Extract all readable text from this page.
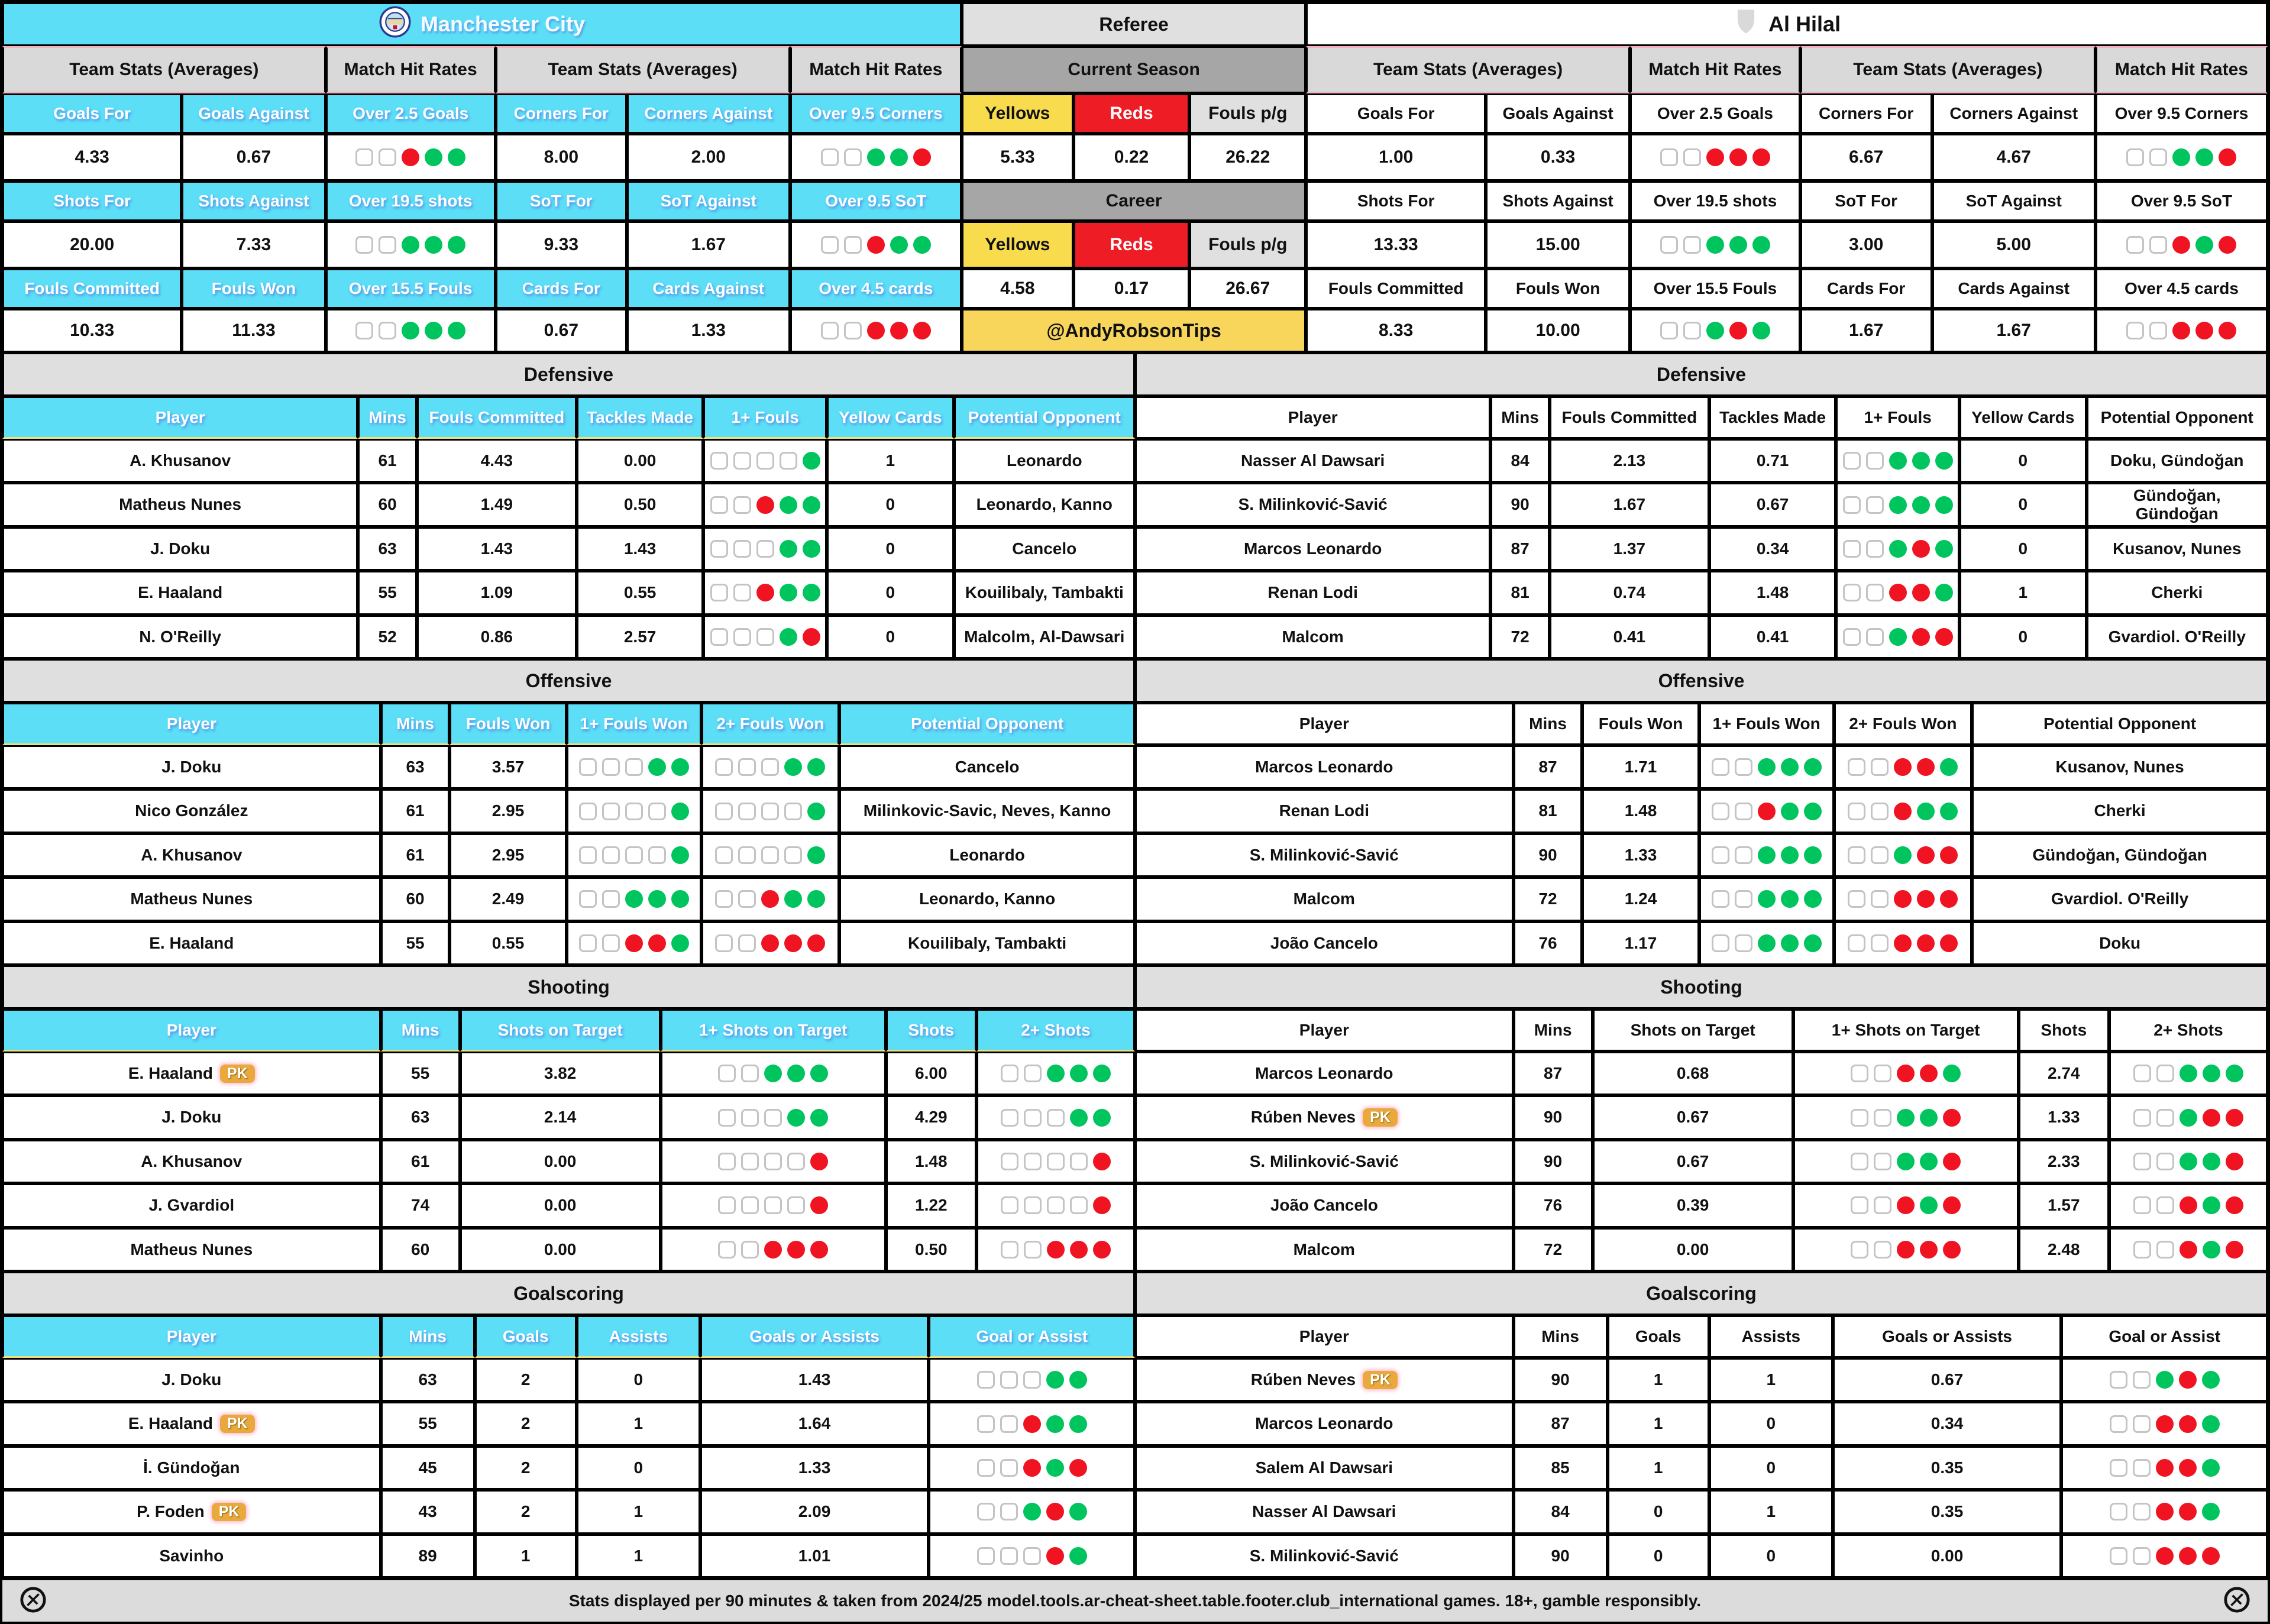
Manchester City
Team Stats (Averages)	Match Hit Rates	Team Stats (Averages)	Match Hit Rates
Goals For	Goals Against	Over 2.5 Goals	Corners For	Corners Against	Over 9.5 Corners
4.33	0.67	8.00	2.00
Shots For	Shots Against	Over 19.5 shots	SoT For	SoT Against	Over 9.5 SoT
20.00	7.33	9.33	1.67
Fouls Committed	Fouls Won	Over 15.5 Fouls	Cards For	Cards Against	Over 4.5 cards
10.33	11.33	0.67	1.33
Referee
Current Season
Yellows	Reds	Fouls p/g
5.33	0.22	26.22
Career
Yellows	Reds	Fouls p/g
4.58	0.17	26.67
@AndyRobsonTips
Al Hilal
Team Stats (Averages)	Match Hit Rates	Team Stats (Averages)	Match Hit Rates
Goals For	Goals Against	Over 2.5 Goals	Corners For	Corners Against	Over 9.5 Corners
1.00	0.33	6.67	4.67
Shots For	Shots Against	Over 19.5 shots	SoT For	SoT Against	Over 9.5 SoT
13.33	15.00	3.00	5.00
Fouls Committed	Fouls Won	Over 15.5 Fouls	Cards For	Cards Against	Over 4.5 cards
8.33	10.00	1.67	1.67
Defensive
Player	Mins	Fouls Committed	Tackles Made	1+ Fouls	Yellow Cards	Potential Opponent
A. Khusanov	61	4.43	0.00	1	Leonardo
Matheus Nunes	60	1.49	0.50	0	Leonardo, Kanno
J. Doku	63	1.43	1.43	0	Cancelo
E. Haaland	55	1.09	0.55	0	Kouilibaly, Tambakti
N. O'Reilly	52	0.86	2.57	0	Malcolm, Al-Dawsari
Offensive
Player	Mins	Fouls Won	1+ Fouls Won	2+ Fouls Won	Potential Opponent
J. Doku	63	3.57	Cancelo
Nico González	61	2.95	Milinkovic-Savic, Neves, Kanno
A. Khusanov	61	2.95	Leonardo
Matheus Nunes	60	2.49	Leonardo, Kanno
E. Haaland	55	0.55	Kouilibaly, Tambakti
Shooting
Player	Mins	Shots on Target	1+ Shots on Target	Shots	2+ Shots
E. Haaland PK	55	3.82	6.00
J. Doku	63	2.14	4.29
A. Khusanov	61	0.00	1.48
J. Gvardiol	74	0.00	1.22
Matheus Nunes	60	0.00	0.50
Goalscoring
Player	Mins	Goals	Assists	Goals or Assists	Goal or Assist
J. Doku	63	2	0	1.43
E. Haaland PK	55	2	1	1.64
İ. Gündoğan	45	2	0	1.33
P. Foden PK	43	2	1	2.09
Savinho	89	1	1	1.01
Defensive
Player	Mins	Fouls Committed	Tackles Made	1+ Fouls	Yellow Cards	Potential Opponent
Nasser Al Dawsari	84	2.13	0.71	0	Doku, Gündoğan
S. Milinković-Savić	90	1.67	0.67	0	Gündoğan, Gündoğan
Marcos Leonardo	87	1.37	0.34	0	Kusanov, Nunes
Renan Lodi	81	0.74	1.48	1	Cherki
Malcom	72	0.41	0.41	0	Gvardiol. O'Reilly
Offensive
Player	Mins	Fouls Won	1+ Fouls Won	2+ Fouls Won	Potential Opponent
Marcos Leonardo	87	1.71	Kusanov, Nunes
Renan Lodi	81	1.48	Cherki
S. Milinković-Savić	90	1.33	Gündoğan, Gündoğan
Malcom	72	1.24	Gvardiol. O'Reilly
João Cancelo	76	1.17	Doku
Shooting
Player	Mins	Shots on Target	1+ Shots on Target	Shots	2+ Shots
Marcos Leonardo	87	0.68	2.74
Rúben Neves PK	90	0.67	1.33
S. Milinković-Savić	90	0.67	2.33
João Cancelo	76	0.39	1.57
Malcom	72	0.00	2.48
Goalscoring
Player	Mins	Goals	Assists	Goals or Assists	Goal or Assist
Rúben Neves PK	90	1	1	0.67
Marcos Leonardo	87	1	0	0.34
Salem Al Dawsari	85	1	0	0.35
Nasser Al Dawsari	84	0	1	0.35
S. Milinković-Savić	90	0	0	0.00
Stats displayed per 90 minutes & taken from 2024/25 model.tools.ar-cheat-sheet.table.footer.club_international games. 18+, gamble responsibly.
